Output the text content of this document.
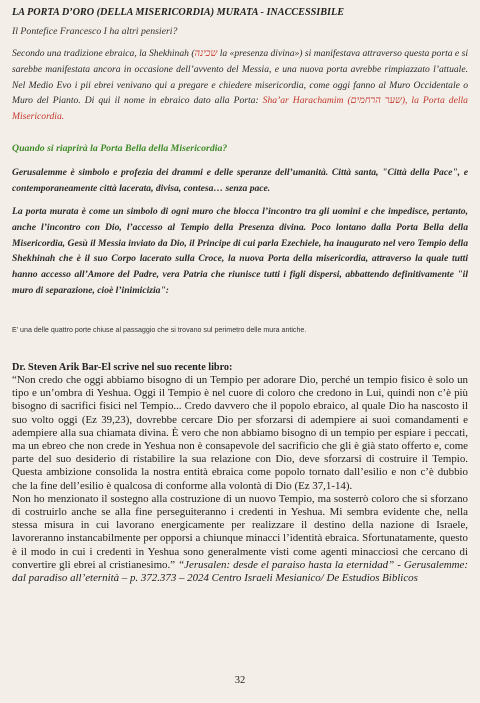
LA PORTA D’ORO (DELLA MISERICORDIA) MURATA - INACCESSIBILE
Il Pontefice Francesco I ha altri pensieri?
Secondo una tradizione ebraica, la Shekhinah (שכינה la «presenza divina») si manifestava attraverso questa porta e si sarebbe manifestata ancora in occasione dell’avvento del Messia, e una nuova porta avrebbe rimpiazzato l’attuale. Nel Medio Evo i pii ebrei venivano qui a pregare e chiedere misericordia, come oggi fanno al Muro Occidentale o Muro del Pianto. Di qui il nome in ebraico dato alla Porta: Sha’ar Harachamim (שער הרחמים), la Porta della Misericordia.
Quando si riaprirà la Porta Bella della Misericordia?
Gerusalemme è simbolo e profezia dei drammi e delle speranze dell’umanità. Città santa, "Città della Pace", e contemporaneamente città lacerata, divisa, contesa… senza pace.
La porta murata è come un simbolo di ogni muro che blocca l’incontro tra gli uomini e che impedisce, pertanto, anche l’incontro con Dio, l’accesso al Tempio della Presenza divina. Poco lontano dalla Porta Bella della Misericordia, Gesù il Messia inviato da Dio, il Principe di cui parla Ezechiele, ha inaugurato nel vero Tempio della Shekhinah che è il suo Corpo lacerato sulla Croce, la nuova Porta della misericordia, attraverso la quale tutti hanno accesso all’Amore del Padre, vera Patria che riunisce tutti i figli dispersi, abbattendo definitivamente "il muro di separazione, cioè l’inimicizia":
E' una delle quattro porte chiuse al passaggio che si trovano sul perimetro delle mura antiche.
Dr. Steven Arik Bar-El scrive nel suo recente libro:

“Non credo che oggi abbiamo bisogno di un Tempio per adorare Dio, perché un tempio fisico è solo un tipo e un’ombra di Yeshua. Oggi il Tempio è nel cuore di coloro che credono in Lui, quindi non c’è più bisogno di sacrifici fisici nel Tempio... Credo davvero che il popolo ebraico, al quale Dio ha nascosto il suo volto oggi (Ez 39,23), dovrebbe cercare Dio per sforzarsi di adempiere ai suoi comandamenti e adempiere alla sua chiamata divina. È vero che non abbiamo bisogno di un tempio per espiare i peccati, ma un ebreo che non crede in Yeshua non è consapevole del sacrificio che gli è già stato offerto e, come parte del suo desiderio di ristabilire la sua relazione con Dio, deve sforzarsi di costruire il Tempio. Questa ambizione consolida la nostra entità ebraica come popolo tornato dall’esilio e non c’è dubbio che la fine dell’esilio è qualcosa di conforme alla volontà di Dio (Ez 37,1-14).

Non ho menzionato il sostegno alla costruzione di un nuovo Tempio, ma sosterrò coloro che si sforzano di costruirlo anche se alla fine perseguiteranno i credenti in Yeshua. Mi sembra evidente che, nella stessa misura in cui lavorano energicamente per realizzare il destino della nazione di Israele, lavoreranno instancabilmente per opporsi a chiunque minacci l’identità ebraica. Sfortunatamente, questo è il modo in cui i credenti in Yeshua sono generalmente visti come agenti minacciosi che cercano di convertire gli ebrei al cristianesimo.” “Jerusalen: desde el paraiso hasta la eternidad” - Gerusalemme: dal paradiso all’eternità – p. 372.373 – 2024 Centro Israeli Mesianico/ De Estudios Biblicos

32
